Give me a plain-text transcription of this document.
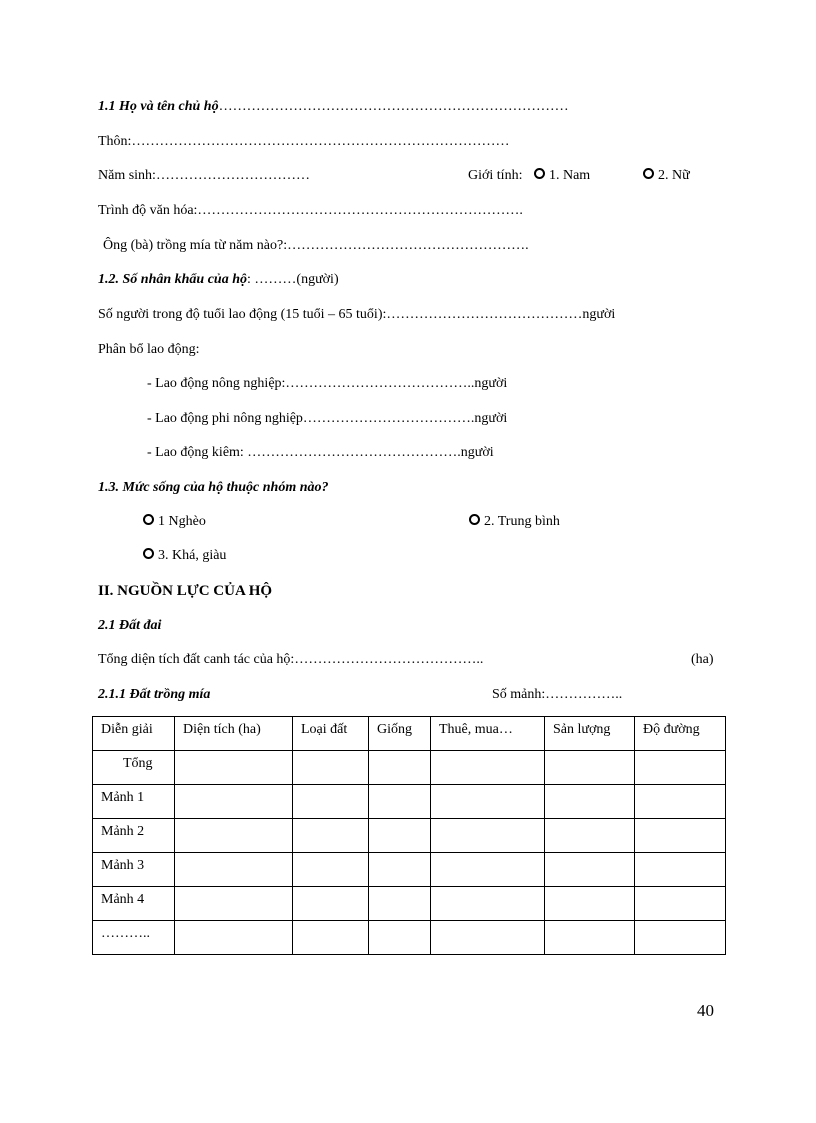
1.1 Họ và tên chủ hộ…………………………………………………………………
Thôn:………………………………………………………………………
Năm sinh:……………………………	Giới tính: 1. Nam	2. Nữ
Trình độ văn hóa:…………………………………………………………….
Ông (bà) trồng mía từ năm nào?:…………………………………………….
1.2. Số nhân khẩu của hộ: ………(người)
Số người trong độ tuổi lao động (15 tuổi – 65 tuổi):……………………………………người
Phân bổ lao động:
- Lao động nông nghiệp:…………………………………..người
- Lao động phi nông nghiệp……………………………….người
- Lao động kiêm: ……………………………………….người
1.3. Mức sống của hộ thuộc nhóm nào?
1 Nghèo	2. Trung bình
3. Khá, giàu
II. NGUỒN LỰC CỦA HỘ
2.1 Đất đai
Tổng diện tích đất canh tác của hộ:…………………………………..	(ha)
2.1.1 Đất trồng mía	Số mảnh:……………..
Diễn giải	Diện tích (ha)	Loại đất	Giống	Thuê, mua…	Sản lượng	Độ đường
Tổng						
Mảnh 1						
Mảnh 2						
Mảnh 3						
Mảnh 4						
………..						
40
